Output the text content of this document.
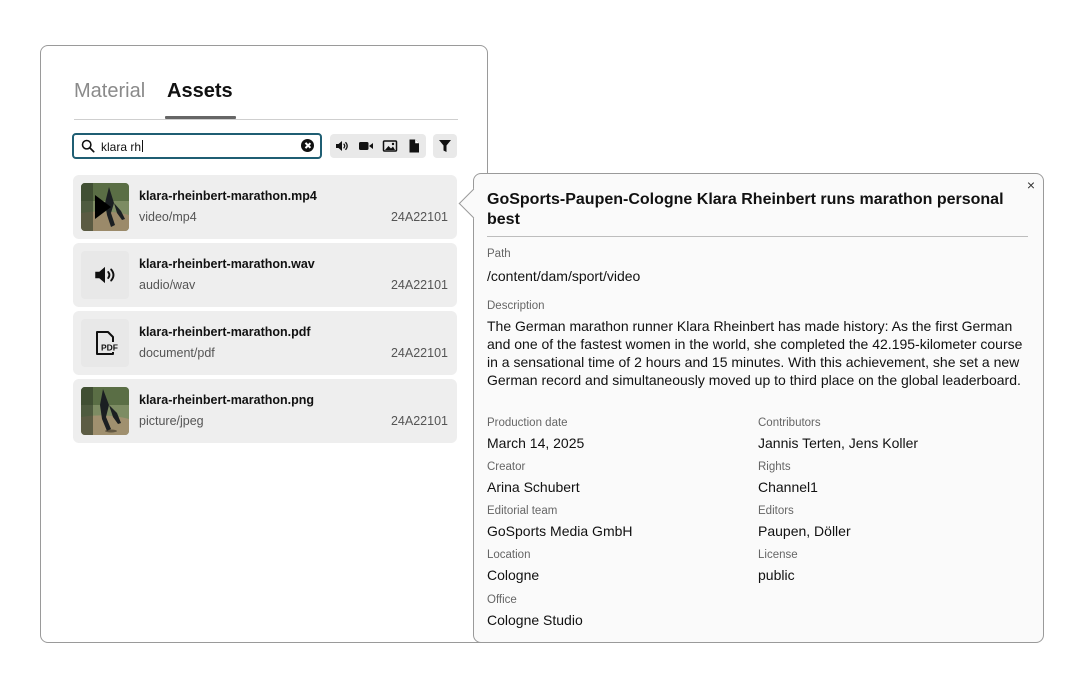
Material Assets
klara rh
klara-rheinbert-marathon.mp4
video/mp4	24A22101
klara-rheinbert-marathon.wav
audio/wav	24A22101
PDF
klara-rheinbert-marathon.pdf
document/pdf	24A22101
klara-rheinbert-marathon.png
picture/jpeg	24A22101
×
GoSports-Paupen-Cologne Klara Rheinbert runs marathon personal best
Path
/content/dam/sport/video
Description
The German marathon runner Klara Rheinbert has made history: As the first German and one of the fastest women in the world, she completed the 42.195-kilometer course in a sensational time of 2 hours and 15 minutes. With this achievement, she set a new German record and simultaneously moved up to third place on the global leaderboard.
Production date
March 14, 2025
Contributors
Jannis Terten, Jens Koller
Creator
Arina Schubert
Rights
Channel1
Editorial team
GoSports Media GmbH
Editors
Paupen, Döller
Location
Cologne
License
public
Office
Cologne Studio
